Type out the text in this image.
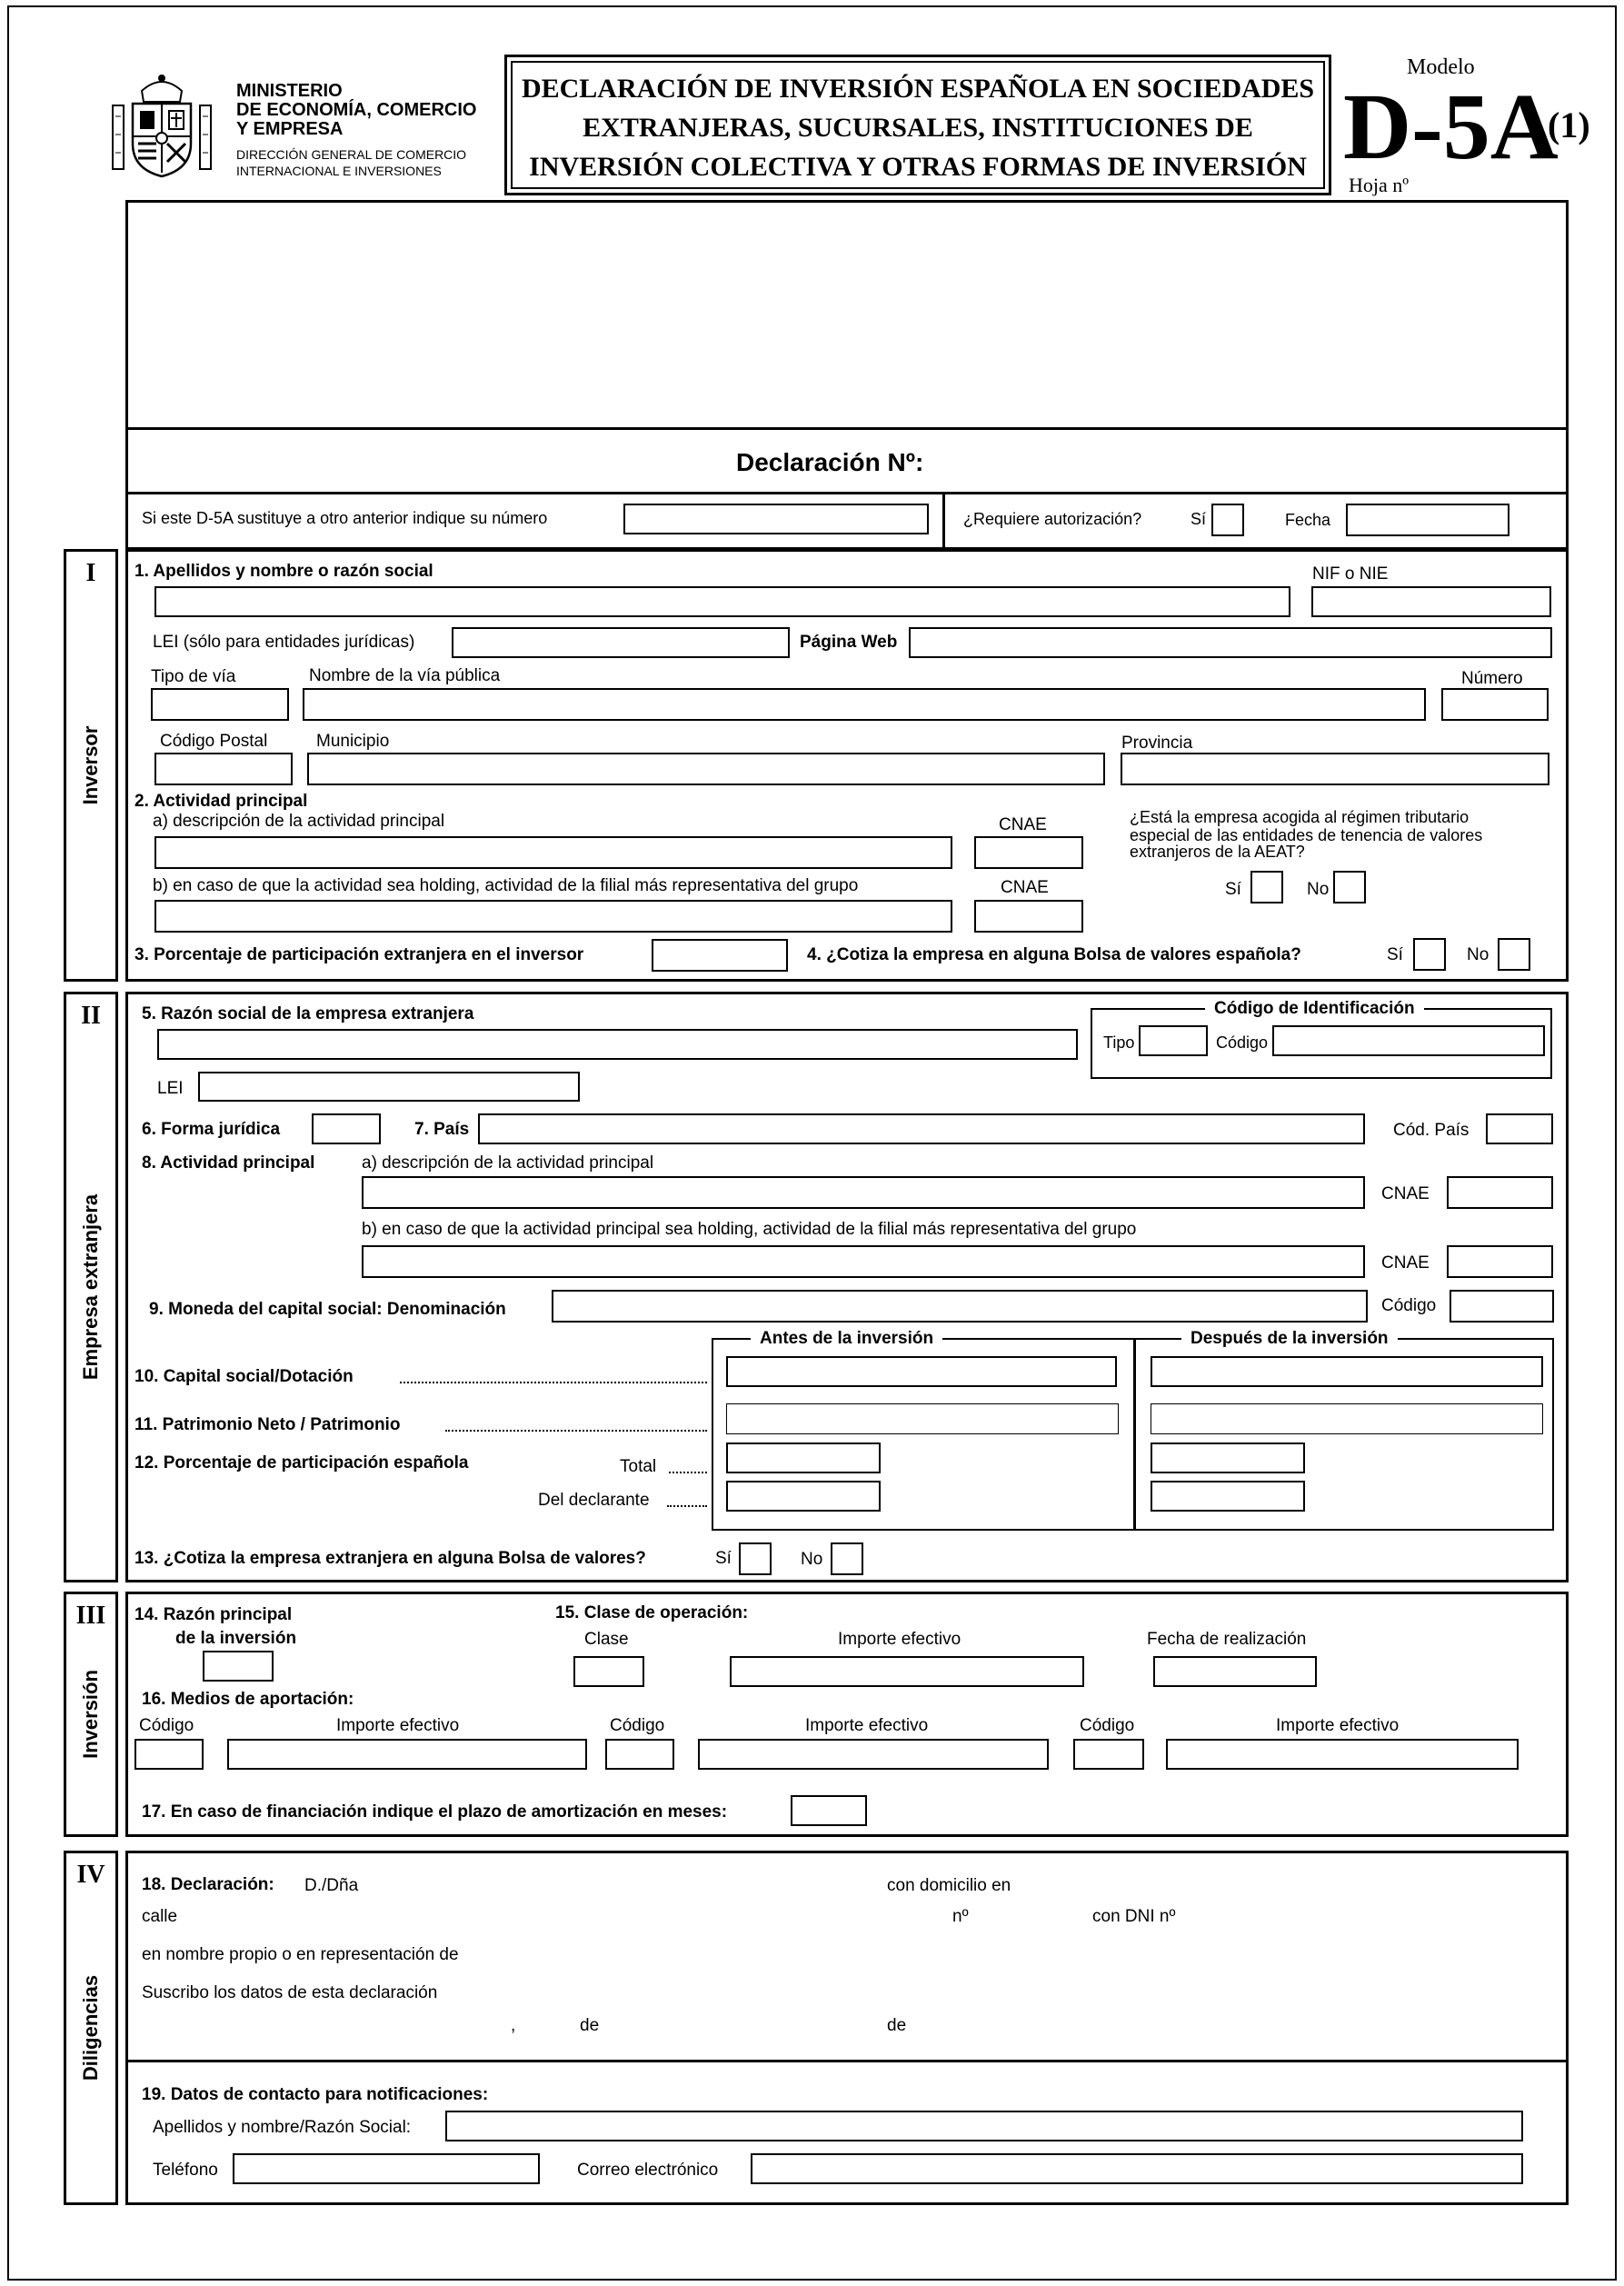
MINISTERIO
DE ECONOMÍA, COMERCIO
Y EMPRESA
DIRECCIÓN GENERAL DE COMERCIO
INTERNACIONAL E INVERSIONES
DECLARACIÓN DE INVERSIÓN ESPAÑOLA EN SOCIEDADES
EXTRANJERAS, SUCURSALES, INSTITUCIONES DE
INVERSIÓN COLECTIVA Y OTRAS FORMAS DE INVERSIÓN
Modelo
D-5A
(1)
Hoja nº
Declaración Nº:
Si este D-5A sustituye a otro anterior indique su número	¿Requiere autorización?	Sí	Fecha
I
Inversor
1. Apellidos y nombre o razón social	NIF o NIE
LEI (sólo para entidades jurídicas)	Página Web
Tipo de vía	Nombre de la vía pública	Número
Código Postal	Municipio	Provincia
2. Actividad principal
a) descripción de la actividad principal	CNAE	¿Está la empresa acogida al régimen tributario
especial de las entidades de tenencia de valores
extranjeros de la AEAT?
Sí	No
b) en caso de que la actividad sea holding, actividad de la filial más representativa del grupo	CNAE
3. Porcentaje de participación extranjera en el inversor	4. ¿Cotiza la empresa en alguna Bolsa de valores española?	Sí	No
II
Empresa extranjera
5. Razón social de la empresa extranjera	Código de Identificación
Tipo	Código
LEI
6. Forma jurídica	7. País	Cód. País
8. Actividad principal	a) descripción de la actividad principal
CNAE
b) en caso de que la actividad principal sea holding, actividad de la filial más representativa del grupo
CNAE
9. Moneda del capital social: Denominación	Código
Antes de la inversión	Después de la inversión
10. Capital social/Dotación
11. Patrimonio Neto / Patrimonio
12. Porcentaje de participación española	Total
Del declarante
13. ¿Cotiza la empresa extranjera en alguna Bolsa de valores?	Sí	No
III
Inversión
14. Razón principal
de la inversión
15. Clase de operación:
Clase	Importe efectivo	Fecha de realización
16. Medios de aportación:
Código	Importe efectivo	Código	Importe efectivo	Código	Importe efectivo
17. En caso de financiación indique el plazo de amortización en meses:
IV
Diligencias
18. Declaración: D./Dña	con domicilio en
calle	nº	con DNI nº
en nombre propio o en representación de
Suscribo los datos de esta declaración
,	de	de
19. Datos de contacto para notificaciones:
Apellidos y nombre/Razón Social:
Teléfono	Correo electrónico
